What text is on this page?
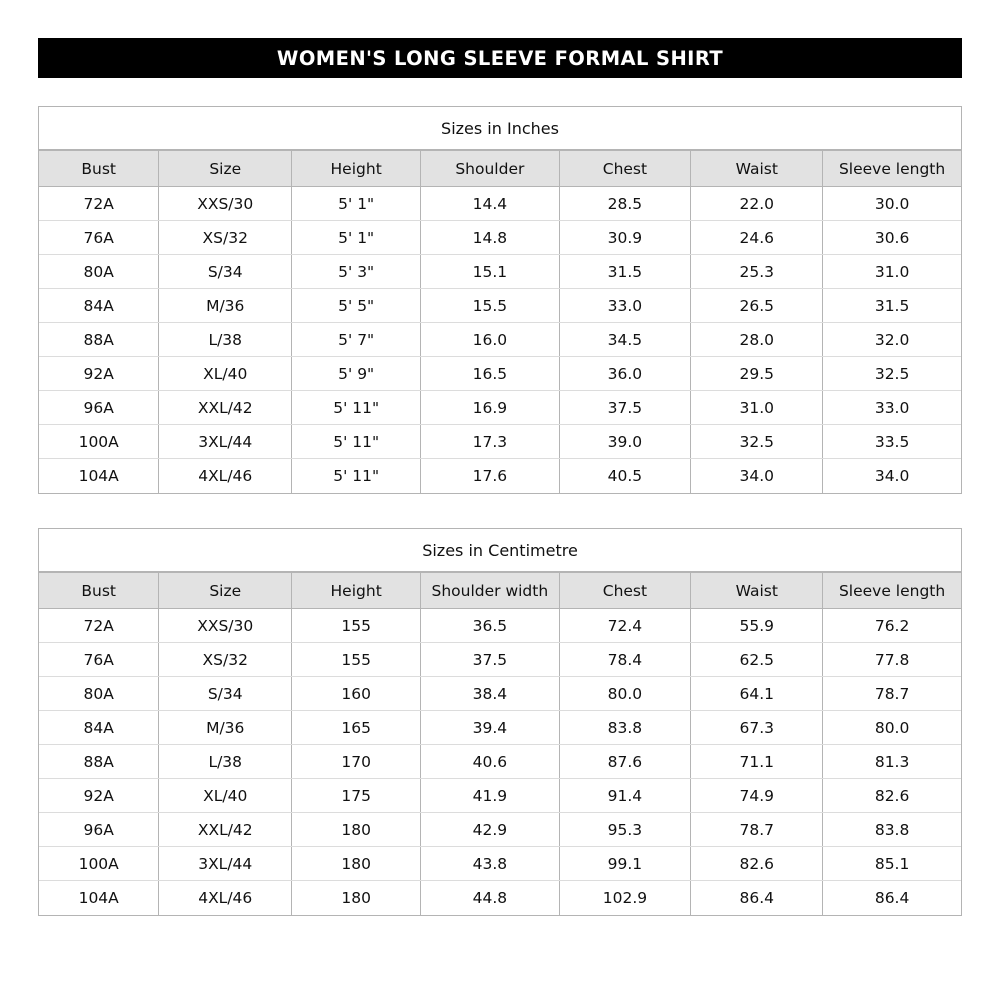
WOMEN'S LONG SLEEVE FORMAL SHIRT
Sizes in Inches
Bust	Size	Height	Shoulder	Chest	Waist	Sleeve length
72A	XXS/30	5' 1"	14.4	28.5	22.0	30.0
76A	XS/32	5' 1"	14.8	30.9	24.6	30.6
80A	S/34	5' 3"	15.1	31.5	25.3	31.0
84A	M/36	5' 5"	15.5	33.0	26.5	31.5
88A	L/38	5' 7"	16.0	34.5	28.0	32.0
92A	XL/40	5' 9"	16.5	36.0	29.5	32.5
96A	XXL/42	5' 11"	16.9	37.5	31.0	33.0
100A	3XL/44	5' 11"	17.3	39.0	32.5	33.5
104A	4XL/46	5' 11"	17.6	40.5	34.0	34.0
Sizes in Centimetre
Bust	Size	Height	Shoulder width	Chest	Waist	Sleeve length
72A	XXS/30	155	36.5	72.4	55.9	76.2
76A	XS/32	155	37.5	78.4	62.5	77.8
80A	S/34	160	38.4	80.0	64.1	78.7
84A	M/36	165	39.4	83.8	67.3	80.0
88A	L/38	170	40.6	87.6	71.1	81.3
92A	XL/40	175	41.9	91.4	74.9	82.6
96A	XXL/42	180	42.9	95.3	78.7	83.8
100A	3XL/44	180	43.8	99.1	82.6	85.1
104A	4XL/46	180	44.8	102.9	86.4	86.4
